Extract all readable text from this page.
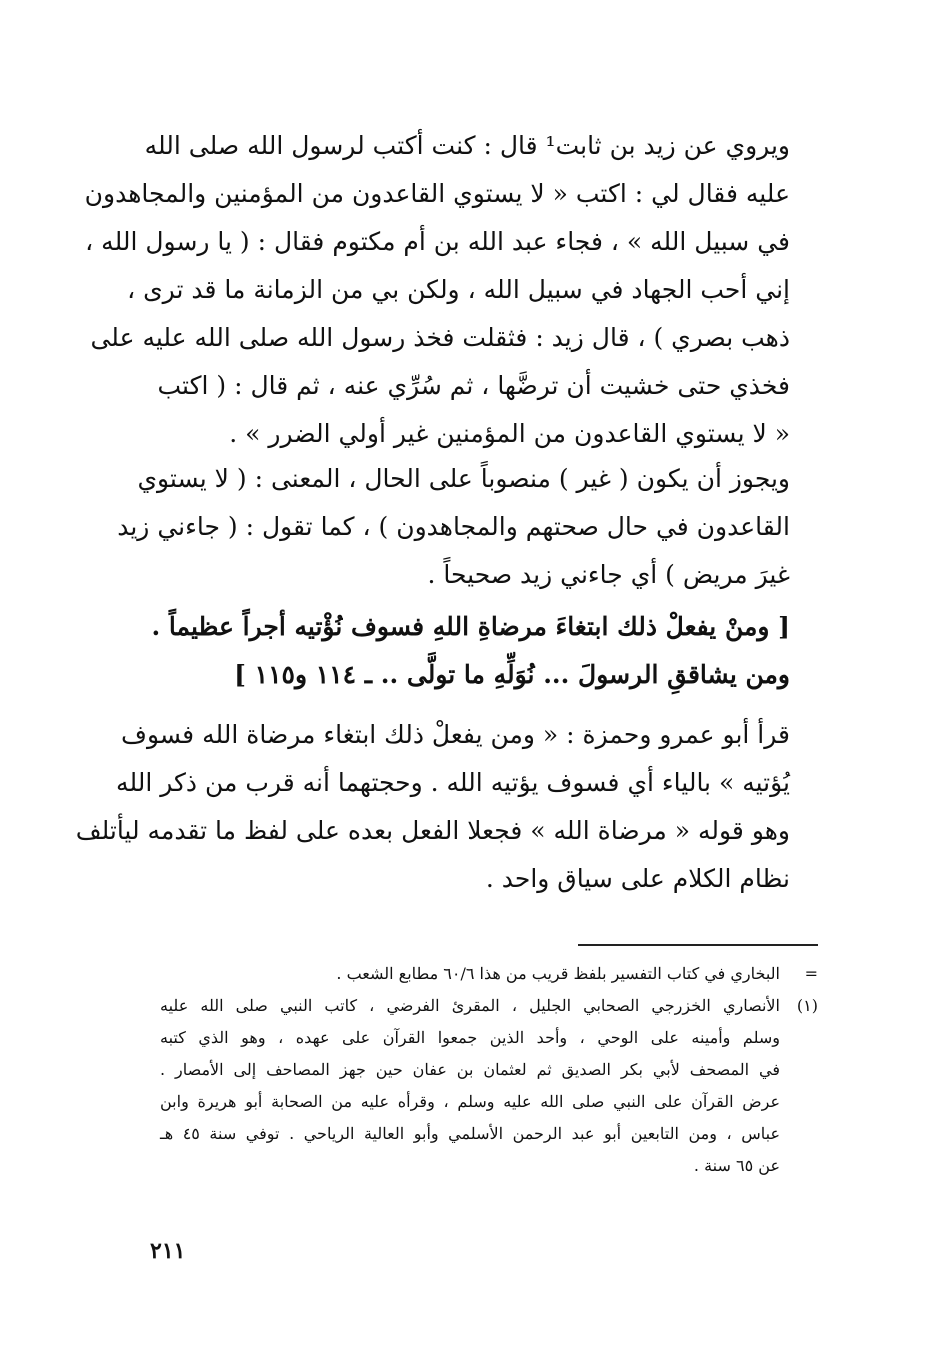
ويروي عن زيد بن ثابت¹ قال : كنت أكتب لرسول الله صلى الله
عليه فقال لي : اكتب « لا يستوي القاعدون من المؤمنين والمجاهدون
في سبيل الله » ، فجاء عبد الله بن أم مكتوم فقال : ( يا رسول الله ،
إني أحب الجهاد في سبيل الله ، ولكن بي من الزمانة ما قد ترى ،
ذهب بصري ) ، قال زيد : فثقلت فخذ رسول الله صلى الله عليه على
فخذي حتى خشيت أن ترضَّها ، ثم سُرِّي عنه ، ثم قال : ( اكتب
« لا يستوي القاعدون من المؤمنين غير أولي الضرر » .
ويجوز أن يكون ( غير ) منصوباً على الحال ، المعنى : ( لا يستوي
القاعدون في حال صحتهم والمجاهدون ) ، كما تقول : ( جاءني زيد
غيرَ مريض ) أي جاءني زيد صحيحاً .
[ ومنْ يفعلْ ذلك ابتغاءَ مرضاةِ اللهِ فسوف نُؤْتيه أجراً عظيماً .
ومن يشاققِ الرسولَ ... نُوَلِّهِ ما تولَّى .. ـ ١١٤ و١١٥ ]
قرأ أبو عمرو وحمزة : « ومن يفعلْ ذلك ابتغاء مرضاة الله فسوف
يُؤتيه » بالياء أي فسوف يؤتيه الله . وحجتهما أنه قرب من ذكر الله
وهو قوله « مرضاة الله » فجعلا الفعل بعده على لفظ ما تقدمه ليأتلف
نظام الكلام على سياق واحد .
=
البخاري في كتاب التفسير بلفظ قريب من هذا ٦٠/٦ مطابع الشعب .
(١)
الأنصاري الخزرجي الصحابي الجليل ، المقرئ الفرضي ، كاتب النبي صلى الله عليه
وسلم وأمينه على الوحي ، وأحد الذين جمعوا القرآن على عهده ، وهو الذي كتبه
في المصحف لأبي بكر الصديق ثم لعثمان بن عفان حين جهز المصاحف إلى الأمصار .
عرض القرآن على النبي صلى الله عليه وسلم ، وقرأه عليه من الصحابة أبو هريرة وابن
عباس ، ومن التابعين أبو عبد الرحمن الأسلمي وأبو العالية الرياحي . توفي سنة ٤٥ هـ
عن ٦٥ سنة .
٢١١
